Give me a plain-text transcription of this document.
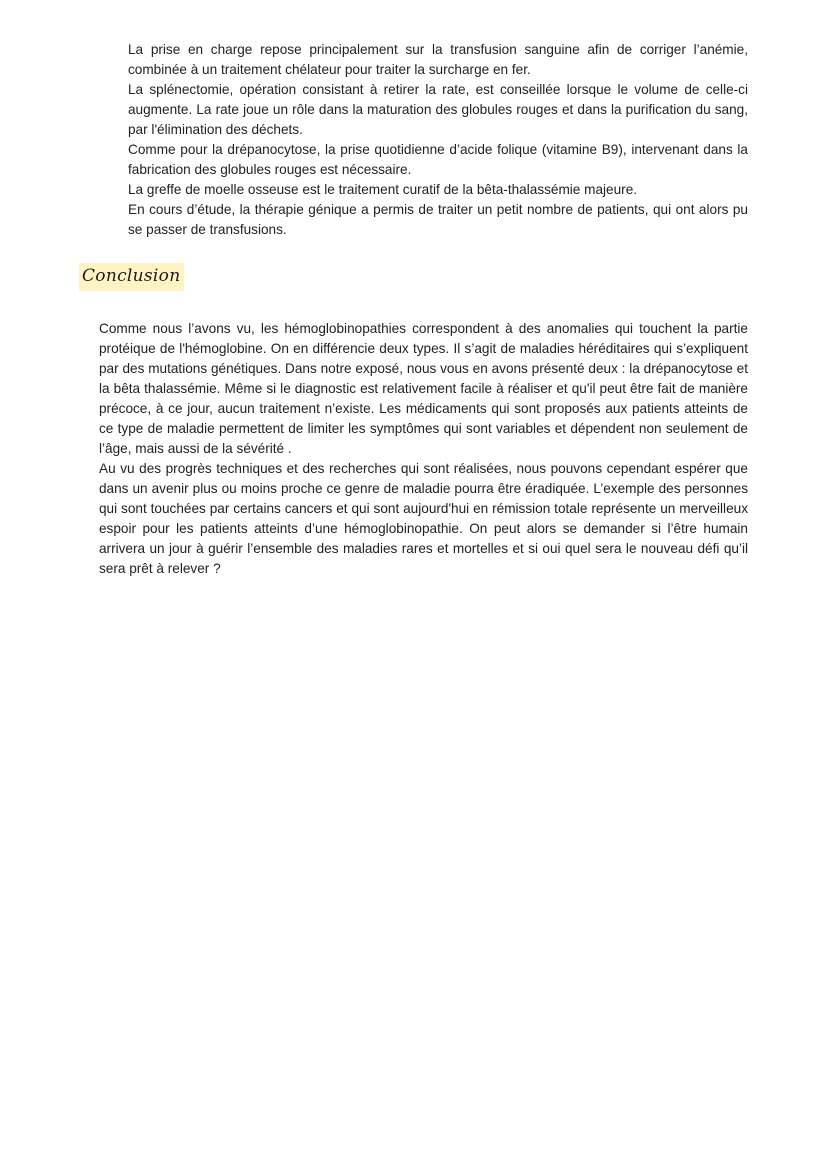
La prise en charge repose principalement sur la transfusion sanguine afin de corriger l’anémie, combinée à un traitement chélateur pour traiter la surcharge en fer.
La splénectomie, opération consistant à retirer la rate, est conseillée lorsque le volume de celle-ci augmente. La rate joue un rôle dans la maturation des globules rouges et dans la purification du sang, par l'élimination des déchets.
Comme pour la drépanocytose, la prise quotidienne d’acide folique (vitamine B9), intervenant dans la fabrication des globules rouges est nécessaire.
La greffe de moelle osseuse est le traitement curatif de la bêta-thalassémie majeure.
En cours d’étude, la thérapie génique a permis de traiter un petit nombre de patients, qui ont alors pu se passer de transfusions.
Conclusion
Comme nous l’avons vu, les hémoglobinopathies correspondent à des anomalies qui touchent la partie protéique de l'hémoglobine. On en différencie deux types. Il s’agit de maladies héréditaires qui s’expliquent par des mutations génétiques. Dans notre exposé, nous vous en avons présenté deux : la drépanocytose et la bêta thalassémie. Même si le diagnostic est relativement facile à réaliser et qu'il peut être fait de manière précoce, à ce jour, aucun traitement n’existe. Les médicaments qui sont proposés aux patients atteints de ce type de maladie permettent de limiter les symptômes qui sont variables et dépendent non seulement de l’âge, mais aussi de la sévérité .
Au vu des progrès techniques et des recherches qui sont réalisées, nous pouvons cependant espérer que dans un avenir plus ou moins proche ce genre de maladie pourra être éradiquée. L’exemple des personnes qui sont touchées par certains cancers et qui sont aujourd'hui en rémission totale représente un merveilleux espoir pour les patients atteints d’une hémoglobinopathie. On peut alors se demander si l’être humain arrivera un jour à guérir l’ensemble des maladies rares et mortelles et si oui quel sera le nouveau défi qu’il sera prêt à relever ?
